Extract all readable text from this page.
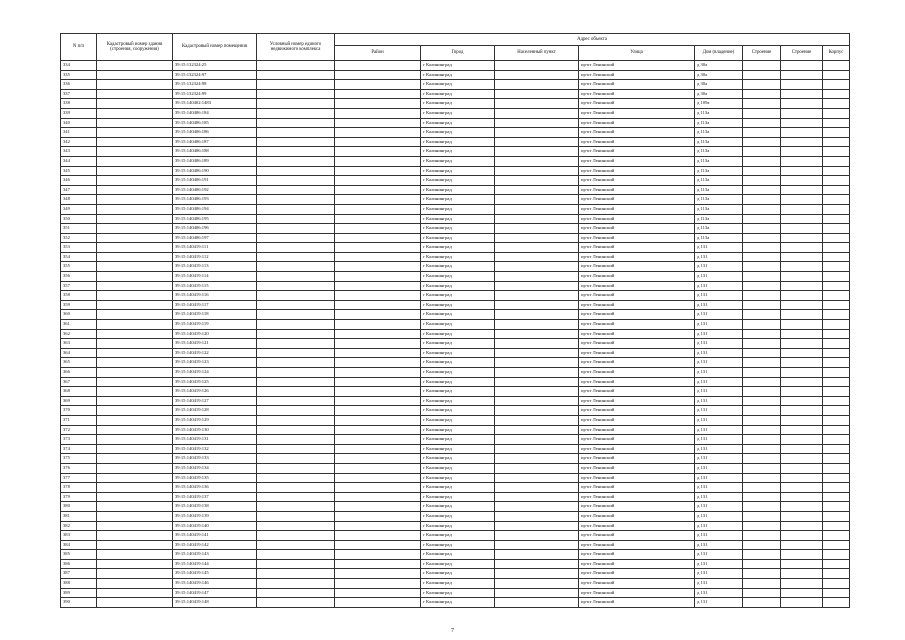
N п/п	Кадастровый номер здания (строения, сооружения)	Кадастровый номер помещения	Условный номер единого недвижимого комплекса	Адрес объекта							
				Район	Город	Населенный пункт	Улица	Дом (владение)	Строение	Строение	Корпус
334		39:15:132324:25			г Калининград		пр-кт Ленинский	д 30а			
335		39:15:132324:97			г Калининград		пр-кт Ленинский	д 30а			
336		39:15:132324:98			г Калининград		пр-кт Ленинский	д 30а			
337		39:15:132324:99			г Калининград		пр-кт Ленинский	д 30а			
338		39:15:140402:1483			г Калининград		пр-кт Ленинский	д 109а			
339		39:15:140406:184			г Калининград		пр-кт Ленинский	д 113а			
340		39:15:140406:185			г Калининград		пр-кт Ленинский	д 113а			
341		39:15:140406:186			г Калининград		пр-кт Ленинский	д 113а			
342		39:15:140406:187			г Калининград		пр-кт Ленинский	д 113а			
343		39:15:140406:188			г Калининград		пр-кт Ленинский	д 113а			
344		39:15:140406:189			г Калининград		пр-кт Ленинский	д 113а			
345		39:15:140406:190			г Калининград		пр-кт Ленинский	д 113а			
346		39:15:140406:191			г Калининград		пр-кт Ленинский	д 113а			
347		39:15:140406:192			г Калининград		пр-кт Ленинский	д 113а			
348		39:15:140406:193			г Калининград		пр-кт Ленинский	д 113а			
349		39:15:140406:194			г Калининград		пр-кт Ленинский	д 113а			
350		39:15:140406:195			г Калининград		пр-кт Ленинский	д 113а			
351		39:15:140406:196			г Калининград		пр-кт Ленинский	д 113а			
352		39:15:140406:197			г Калининград		пр-кт Ленинский	д 113а			
353		39:15:140419:111			г Калининград		пр-кт Ленинский	д 131			
354		39:15:140419:112			г Калининград		пр-кт Ленинский	д 131			
355		39:15:140419:113			г Калининград		пр-кт Ленинский	д 131			
356		39:15:140419:114			г Калининград		пр-кт Ленинский	д 131			
357		39:15:140419:115			г Калининград		пр-кт Ленинский	д 131			
358		39:15:140419:116			г Калининград		пр-кт Ленинский	д 131			
359		39:15:140419:117			г Калининград		пр-кт Ленинский	д 131			
360		39:15:140419:118			г Калининград		пр-кт Ленинский	д 131			
361		39:15:140419:119			г Калининград		пр-кт Ленинский	д 131			
362		39:15:140419:120			г Калининград		пр-кт Ленинский	д 131			
363		39:15:140419:121			г Калининград		пр-кт Ленинский	д 131			
364		39:15:140419:122			г Калининград		пр-кт Ленинский	д 131			
365		39:15:140419:123			г Калининград		пр-кт Ленинский	д 131			
366		39:15:140419:124			г Калининград		пр-кт Ленинский	д 131			
367		39:15:140419:125			г Калининград		пр-кт Ленинский	д 131			
368		39:15:140419:126			г Калининград		пр-кт Ленинский	д 131			
369		39:15:140419:127			г Калининград		пр-кт Ленинский	д 131			
370		39:15:140419:128			г Калининград		пр-кт Ленинский	д 131			
371		39:15:140419:129			г Калининград		пр-кт Ленинский	д 131			
372		39:15:140419:130			г Калининград		пр-кт Ленинский	д 131			
373		39:15:140419:131			г Калининград		пр-кт Ленинский	д 131			
374		39:15:140419:132			г Калининград		пр-кт Ленинский	д 131			
375		39:15:140419:133			г Калининград		пр-кт Ленинский	д 131			
376		39:15:140419:134			г Калининград		пр-кт Ленинский	д 131			
377		39:15:140419:135			г Калининград		пр-кт Ленинский	д 131			
378		39:15:140419:136			г Калининград		пр-кт Ленинский	д 131			
379		39:15:140419:137			г Калининград		пр-кт Ленинский	д 131			
380		39:15:140419:138			г Калининград		пр-кт Ленинский	д 131			
381		39:15:140419:139			г Калининград		пр-кт Ленинский	д 131			
382		39:15:140419:140			г Калининград		пр-кт Ленинский	д 131			
383		39:15:140419:141			г Калининград		пр-кт Ленинский	д 131			
384		39:15:140419:142			г Калининград		пр-кт Ленинский	д 131			
385		39:15:140419:143			г Калининград		пр-кт Ленинский	д 131			
386		39:15:140419:144			г Калининград		пр-кт Ленинский	д 131			
387		39:15:140419:145			г Калининград		пр-кт Ленинский	д 131			
388		39:15:140419:146			г Калининград		пр-кт Ленинский	д 131			
389		39:15:140419:147			г Калининград		пр-кт Ленинский	д 131			
390		39:15:140419:148			г Калининград		пр-кт Ленинский	д 131			
7
